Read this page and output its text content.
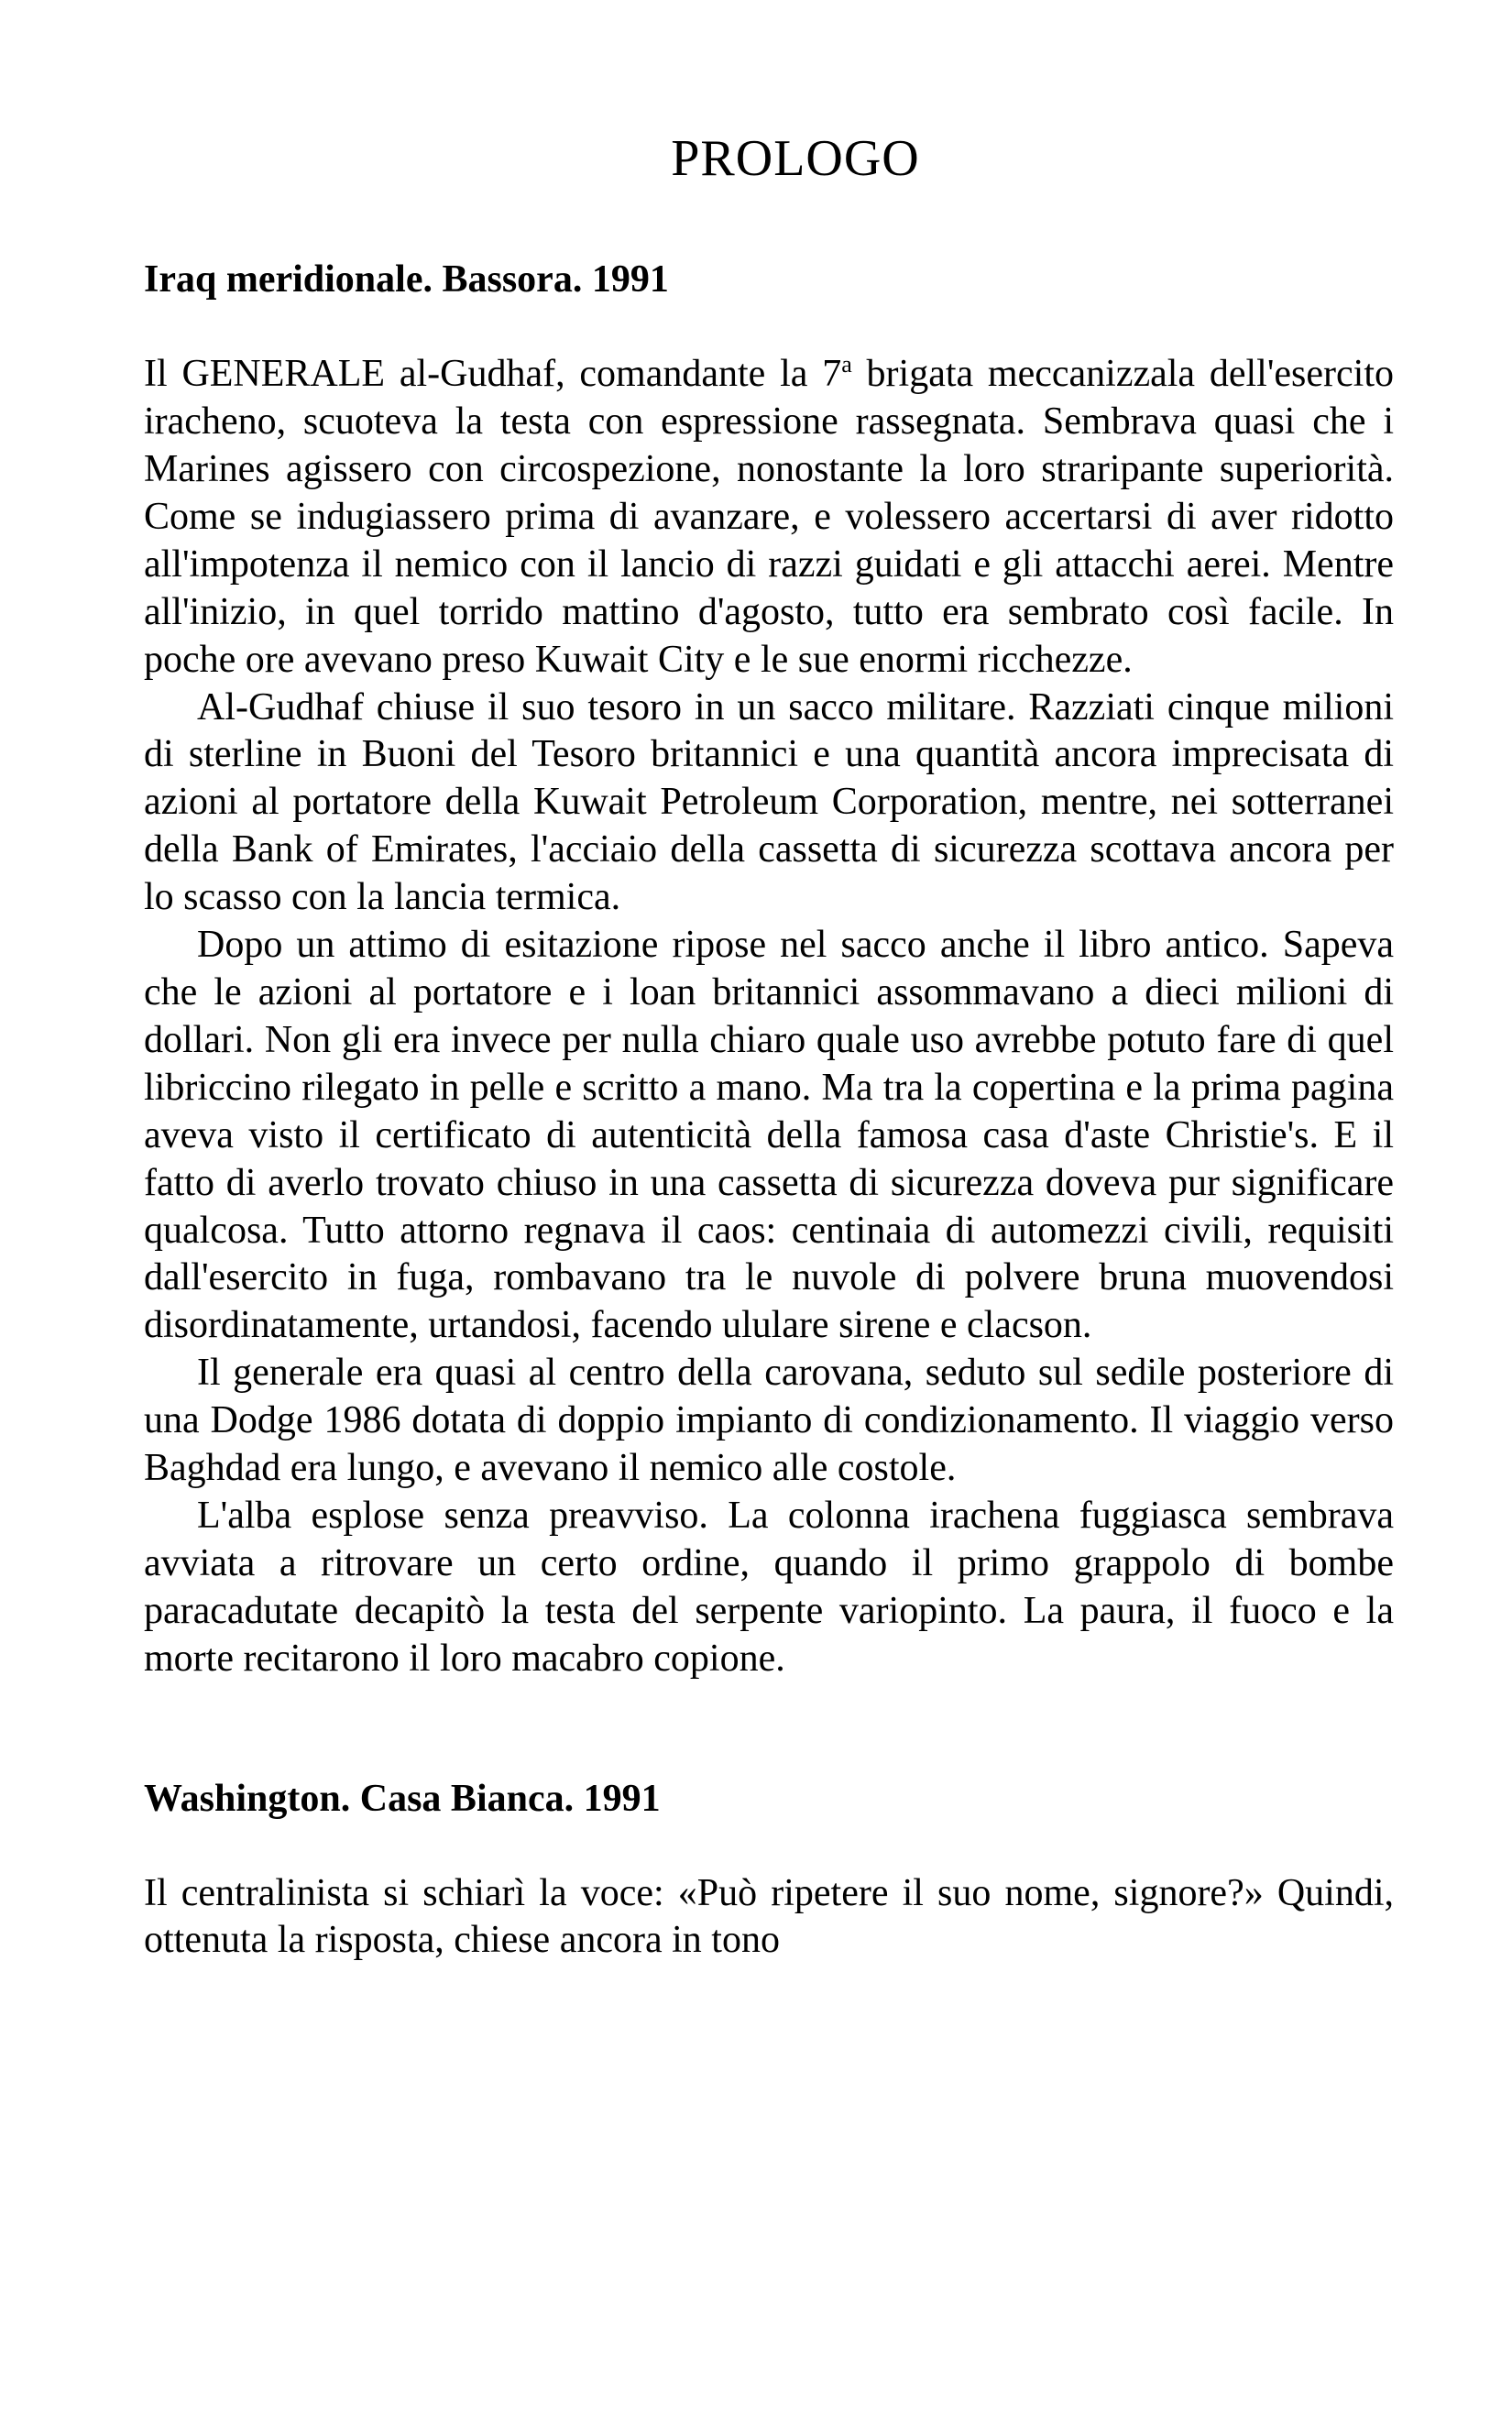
PROLOGO
Iraq meridionale. Bassora. 1991

Il GENERALE al-Gudhaf, comandante la 7$^a$ brigata meccanizzala dell'esercito iracheno, scuoteva la testa con espressione rassegnata. Sembrava quasi che i Marines agissero con circospezione, nonostante la loro straripante superiorità. Come se indugiassero prima di avanzare, e volessero accertarsi di aver ridotto all'impotenza il nemico con il lancio di razzi guidati e gli attacchi aerei. Mentre all'inizio, in quel torrido mattino d'agosto, tutto era sembrato così facile. In poche ore avevano preso Kuwait City e le sue enormi ricchezze.

Al-Gudhaf chiuse il suo tesoro in un sacco militare. Razziati cinque milioni di sterline in Buoni del Tesoro britannici e una quantità ancora imprecisata di azioni al portatore della Kuwait Petroleum Corporation, mentre, nei sotterranei della Bank of Emirates, l'acciaio della cassetta di sicurezza scottava ancora per lo scasso con la lancia termica.

Dopo un attimo di esitazione ripose nel sacco anche il libro antico. Sapeva che le azioni al portatore e i loan britannici assommavano a dieci milioni di dollari. Non gli era invece per nulla chiaro quale uso avrebbe potuto fare di quel libriccino rilegato in pelle e scritto a mano. Ma tra la copertina e la prima pagina aveva visto il certificato di autenticità della famosa casa d'aste Christie's. E il fatto di averlo trovato chiuso in una cassetta di sicurezza doveva pur significare qualcosa. Tutto attorno regnava il caos: centinaia di automezzi civili, requisiti dall'esercito in fuga, rombavano tra le nuvole di polvere bruna muovendosi disordinatamente, urtandosi, facendo ululare sirene e clacson.

Il generale era quasi al centro della carovana, seduto sul sedile posteriore di una Dodge 1986 dotata di doppio impianto di condizionamento. Il viaggio verso Baghdad era lungo, e avevano il nemico alle costole.

L'alba esplose senza preavviso. La colonna irachena fuggiasca sembrava avviata a ritrovare un certo ordine, quando il primo grappolo di bombe paracadutate decapitò la testa del serpente variopinto. La paura, il fuoco e la morte recitarono il loro macabro copione.

Washington. Casa Bianca. 1991

Il centralinista si schiarì la voce: «Può ripetere il suo nome, signore?» Quindi, ottenuta la risposta, chiese ancora in tono
